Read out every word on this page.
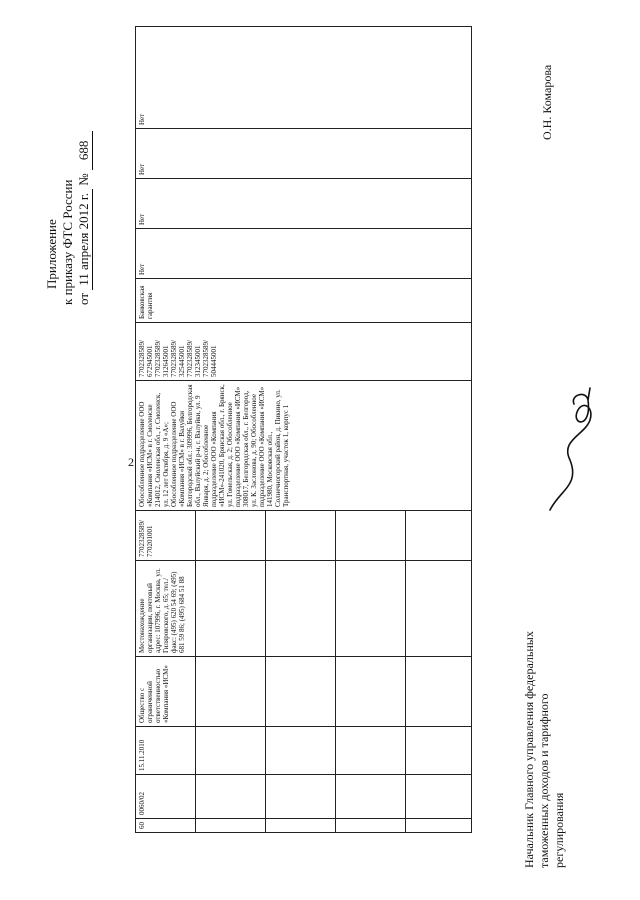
2
Приложение к приказу ФТС России от 11 апреля 2012 г. № 688
60	0060/02	15.11.2010	Общество с ограниченной ответственностью «Компания «ИСМ»	Местонахождение организации, почтовый адрес: 107996, г. Москва, ул. Гиляровского, д. 65; тел./факс: (495) 620 54 69; (495) 681 59 86; (495) 684 51 88	7702328589/ 770201001	Обособленное подразделение ООО «Компания «ИСМ» в г. Смоленске 214012, Смоленская обл., г. Смоленск, ул. 12 лет Октября, д. 9 «А»; Обособленное подразделение ООО «Компания «ИСМ» в г. Валуйки Белгородской обл.: 309996, Белгородская обл., Валуйский р-н, г. Валуйки, ул. 9 Января, д. 2; Обособленное подразделение ООО «Компания «ИСМ»-241020, Брянская обл., г. Брянск, ул. Гомельская, д. 2; Обособленное подразделение ООО «Компания «ИСМ» 308017, Белгородская обл., г. Белгород, ул. К. Заслонова, д. 90; Обособленное подразделение ООО «Компания «ИСМ» 141980, Московская обл., Солнечногорский район, д. Пикино, ул. Транспортная, участок 1, корпус 1	7702328589/ 672945001 7702328589/ 312645001 7702328589/ 325445001 7702328589/ 312345001 7702328589/ 504445001	Банковская гарантия	Нет	Нет	Нет	Нет

						О.Н. Комарова
Начальник Главного управления федеральных таможенных доходов и тарифного регулирования
